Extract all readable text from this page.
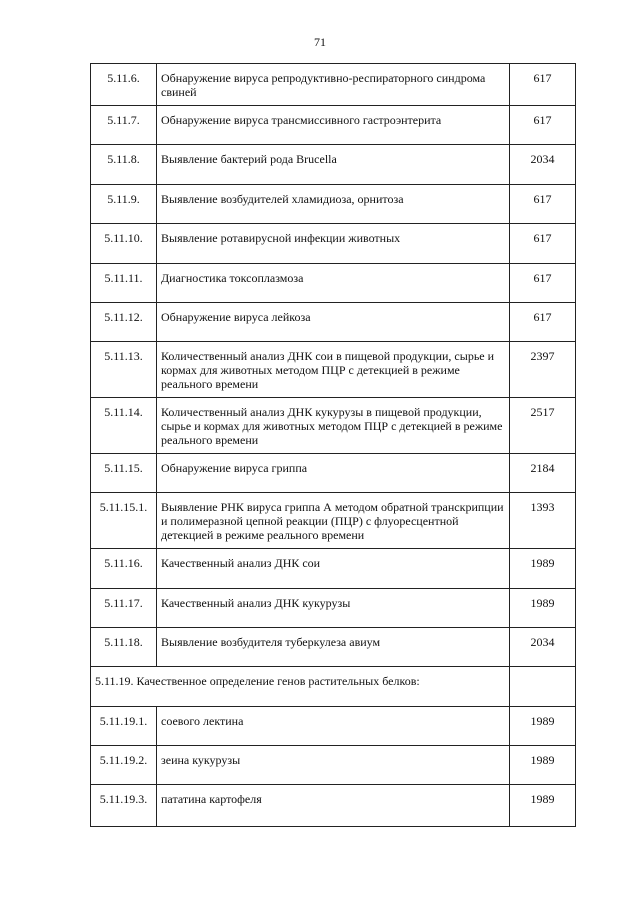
71
5.11.6.	Обнаружение вируса репродуктивно-респираторного синдрома свиней	617
5.11.7.	Обнаружение вируса трансмиссивного гастроэнтерита	617
5.11.8.	Выявление бактерий рода Brucella	2034
5.11.9.	Выявление возбудителей хламидиоза, орнитоза	617
5.11.10.	Выявление ротавирусной инфекции животных	617
5.11.11.	Диагностика токсоплазмоза	617
5.11.12.	Обнаружение вируса лейкоза	617
5.11.13.	Количественный анализ ДНК сои в пищевой продукции, сырье и кормах для животных методом ПЦР с детекцией в режиме реального времени	2397
5.11.14.	Количественный анализ ДНК кукурузы в пищевой продукции, сырье и кормах для животных методом ПЦР с детекцией в режиме реального времени	2517
5.11.15.	Обнаружение вируса гриппа	2184
5.11.15.1.	Выявление РНК вируса гриппа А методом обратной транскрипции и полимеразной цепной реакции (ПЦР) с флуоресцентной детекцией в режиме реального времени	1393
5.11.16.	Качественный анализ ДНК сои	1989
5.11.17.	Качественный анализ ДНК кукурузы	1989
5.11.18.	Выявление возбудителя туберкулеза авиум	2034
5.11.19. Качественное определение генов растительных белков:		
5.11.19.1.	соевого лектина	1989
5.11.19.2.	зеина кукурузы	1989
5.11.19.3.	пататина картофеля	1989
